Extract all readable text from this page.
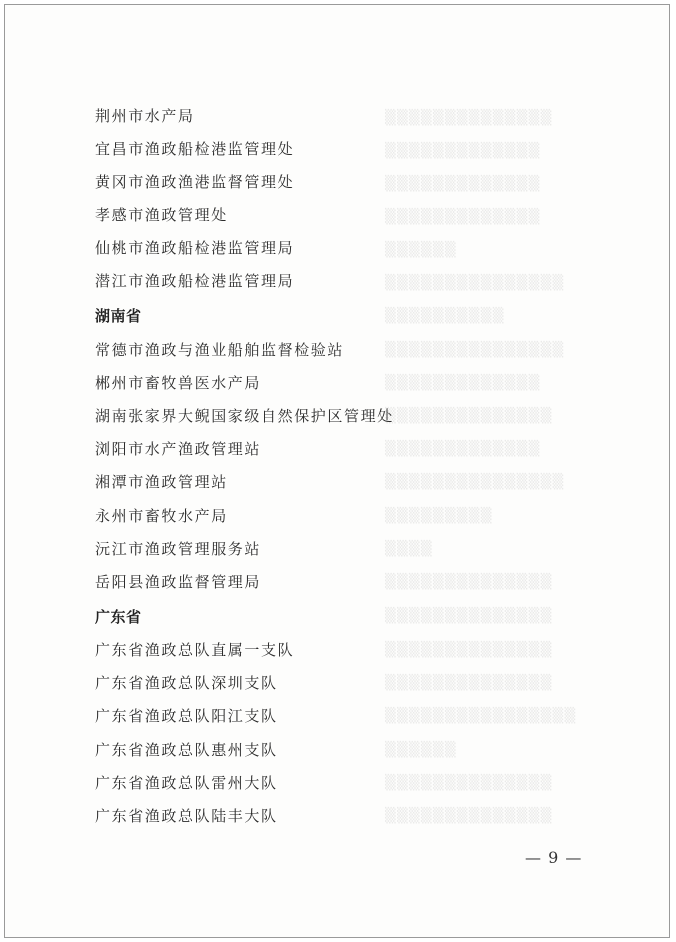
荆州市水产局
宜昌市渔政船检港监管理处
黄冈市渔政渔港监督管理处
孝感市渔政管理处
仙桃市渔政船检港监管理局
潜江市渔政船检港监管理局
湖南省
常德市渔政与渔业船舶监督检验站
郴州市畜牧兽医水产局
湖南张家界大鲵国家级自然保护区管理处
浏阳市水产渔政管理站
湘潭市渔政管理站
永州市畜牧水产局
沅江市渔政管理服务站
岳阳县渔政监督管理局
广东省
广东省渔政总队直属一支队
广东省渔政总队深圳支队
广东省渔政总队阳江支队
广东省渔政总队惠州支队
广东省渔政总队雷州大队
广东省渔政总队陆丰大队
▒▒▒▒▒▒▒▒▒▒▒▒▒▒
▒▒▒▒▒▒▒▒▒▒▒▒▒
▒▒▒▒▒▒▒▒▒▒▒▒▒
▒▒▒▒▒▒▒▒▒▒▒▒▒
▒▒▒▒▒▒
▒▒▒▒▒▒▒▒▒▒▒▒▒▒▒
▒▒▒▒▒▒▒▒▒▒
▒▒▒▒▒▒▒▒▒▒▒▒▒▒▒
▒▒▒▒▒▒▒▒▒▒▒▒▒
▒▒▒▒▒▒▒▒▒▒▒▒▒▒
▒▒▒▒▒▒▒▒▒▒▒▒▒
▒▒▒▒▒▒▒▒▒▒▒▒▒▒▒
▒▒▒▒▒▒▒▒▒
▒▒▒▒
▒▒▒▒▒▒▒▒▒▒▒▒▒▒
▒▒▒▒▒▒▒▒▒▒▒▒▒▒
▒▒▒▒▒▒▒▒▒▒▒▒▒▒
▒▒▒▒▒▒▒▒▒▒▒▒▒▒
▒▒▒▒▒▒▒▒▒▒▒▒▒▒▒▒
▒▒▒▒▒▒
▒▒▒▒▒▒▒▒▒▒▒▒▒▒
▒▒▒▒▒▒▒▒▒▒▒▒▒▒
— 9 —
